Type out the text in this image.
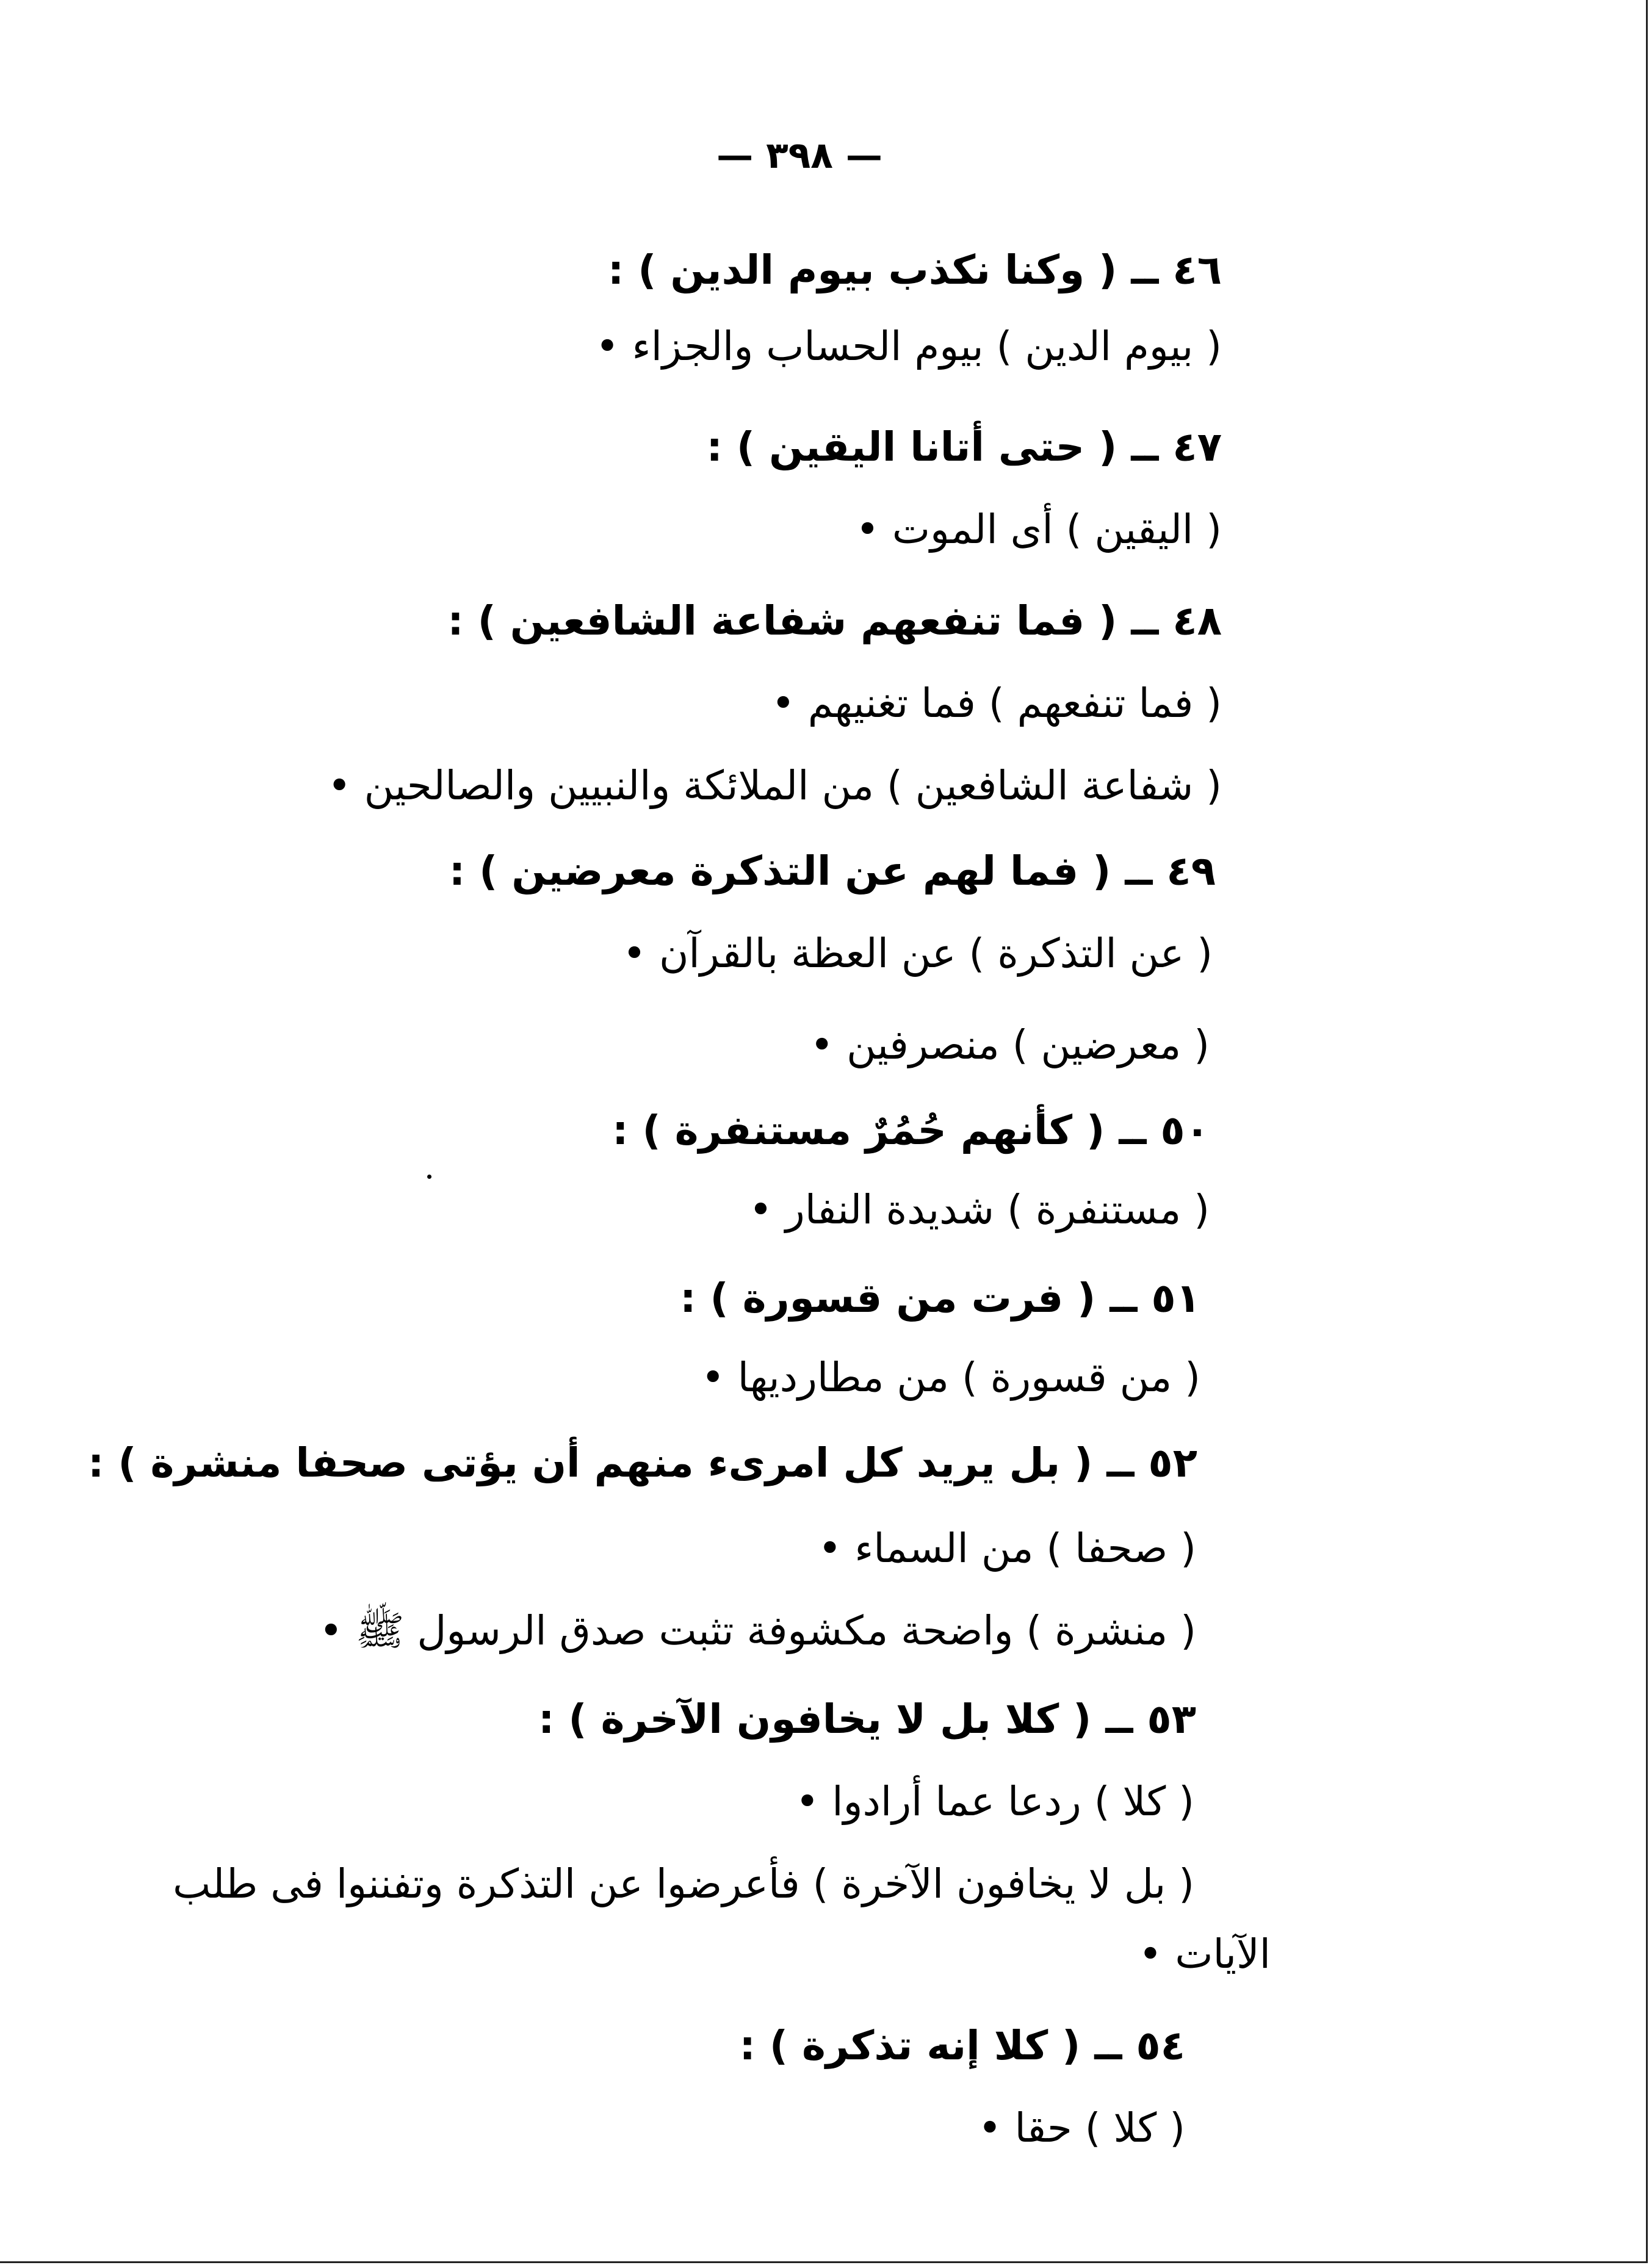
— ٣٩٨ —
٤٦ ــ ( وكنا نكذب بيوم الدين ) :
( بيوم الدين ) بيوم الحساب والجزاء •
٤٧ ــ ( حتى أتانا اليقين ) :
( اليقين ) أى الموت •
٤٨ ــ ( فما تنفعهم شفاعة الشافعين ) :
( فما تنفعهم ) فما تغنيهم •
( شفاعة الشافعين ) من الملائكة والنبيين والصالحين •
٤٩ ــ ( فما لهم عن التذكرة معرضين ) :
( عن التذكرة ) عن العظة بالقرآن •
( معرضين ) منصرفين •
٥٠ ــ ( كأنهم حُمُرٌ مستنفرة ) :
( مستنفرة ) شديدة النفار •
٥١ ــ ( فرت من قسورة ) :
( من قسورة ) من مطارديها •
٥٢ ــ ( بل يريد كل امرىء منهم أن يؤتى صحفا منشرة ) :
( صحفا ) من السماء •
( منشرة ) واضحة مكشوفة تثبت صدق الرسول ﷺ •
٥٣ ــ ( كلا بل لا يخافون الآخرة ) :
( كلا ) ردعا عما أرادوا •
( بل لا يخافون الآخرة ) فأعرضوا عن التذكرة وتفننوا فى طلب
الآيات •
٥٤ ــ ( كلا إنه تذكرة ) :
( كلا ) حقا •
